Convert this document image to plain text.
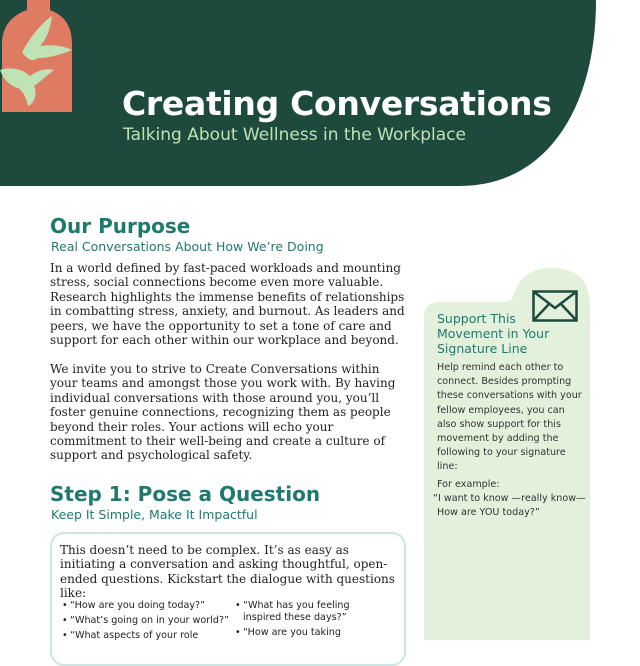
Creating Conversations
Talking About Wellness in the Workplace
Our Purpose
Real Conversations About How We’re Doing

In a world defined by fast-paced workloads and mounting stress, social connections become even more valuable. Research highlights the immense benefits of relationships in combatting stress, anxiety, and burnout. As leaders and peers, we have the opportunity to set a tone of care and support for each other within our workplace and beyond.

We invite you to strive to Create Conversations within your teams and amongst those you work with. By having individual conversations with those around you, you’ll foster genuine connections, recognizing them as people beyond their roles. Your actions will echo your commitment to their well-being and create a culture of support and psychological safety.

Step 1: Pose a Question
Keep It Simple, Make It Impactful

This doesn’t need to be complex. It’s as easy as initiating a conversation and asking thoughtful, open-ended questions. Kickstart the dialogue with questions like:

• “How are you doing today?”
• “What’s going on in your world?”
• “What aspects of your role
• “What has you feeling inspired these days?”
• “How are you taking
Support This Movement in Your Signature Line
Help remind each other to connect. Besides prompting these conversations with your fellow employees, you can also show support for this movement by adding the following to your signature line:
For example:
“I want to know —really know—
How are YOU today?”
